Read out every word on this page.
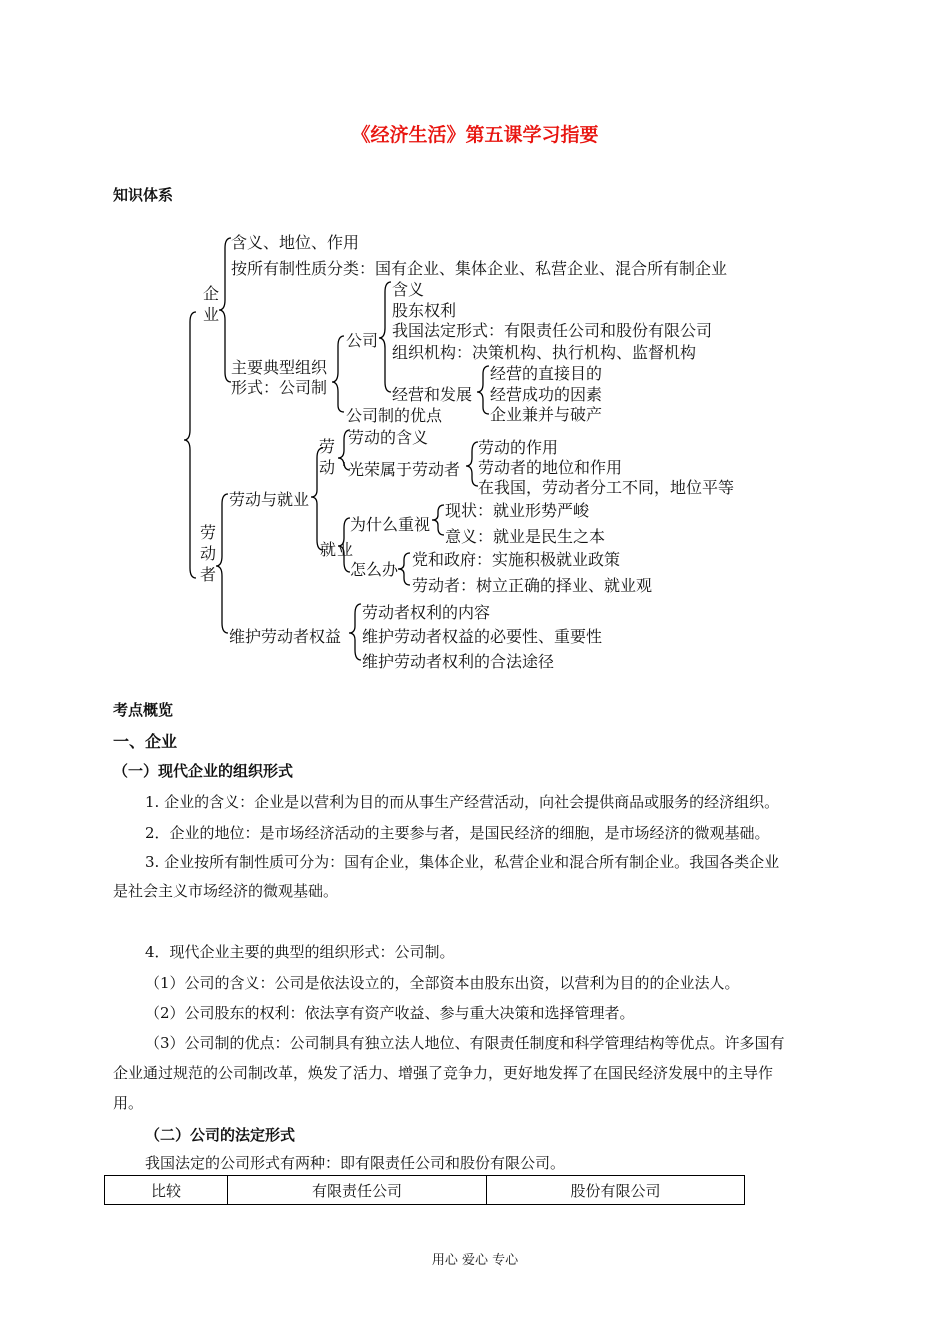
《经济生活》第五课学习指要
知识体系
企业
含义、地位、作用
按所有制性质分类：国有企业、集体企业、私营企业、混合所有制企业
主要典型组织
形式：公司制
公司
含义
股东权利
我国法定形式：有限责任公司和股份有限公司
组织机构：决策机构、执行机构、监督机构
经营和发展
经营的直接目的
经营成功的因素
企业兼并与破产
公司制的优点
劳动者
劳动与就业
劳动
劳动的含义
光荣属于劳动者
劳动的作用
劳动者的地位和作用
在我国，劳动者分工不同，地位平等
就业
为什么重视
现状：就业形势严峻
意义：就业是民生之本
怎么办
党和政府：实施积极就业政策
劳动者：树立正确的择业、就业观
维护劳动者权益
劳动者权利的内容
维护劳动者权益的必要性、重要性
维护劳动者权利的合法途径
考点概览
一、企业
（一）现代企业的组织形式
1. 企业的含义：企业是以营利为目的而从事生产经营活动，向社会提供商品或服务的经济组织。
2．企业的地位：是市场经济活动的主要参与者，是国民经济的细胞，是市场经济的微观基础。
3. 企业按所有制性质可分为：国有企业，集体企业，私营企业和混合所有制企业。我国各类企业
是社会主义市场经济的微观基础。
4．现代企业主要的典型的组织形式：公司制。
（1）公司的含义：公司是依法设立的，全部资本由股东出资，以营利为目的的企业法人。
（2）公司股东的权利：依法享有资产收益、参与重大决策和选择管理者。
（3）公司制的优点：公司制具有独立法人地位、有限责任制度和科学管理结构等优点。许多国有
企业通过规范的公司制改革，焕发了活力、增强了竞争力，更好地发挥了在国民经济发展中的主导作
用。
（二）公司的法定形式
我国法定的公司形式有两种：即有限责任公司和股份有限公司。
比较	有限责任公司	股份有限公司
用心 爱心 专心
